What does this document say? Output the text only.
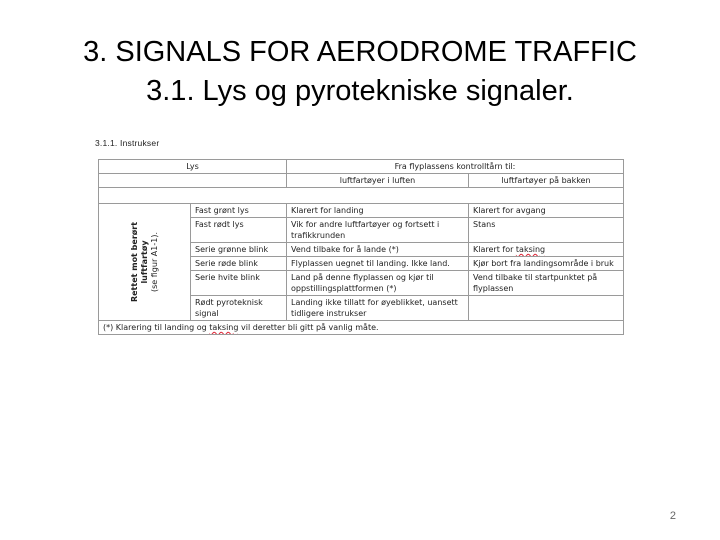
3. SIGNALS FOR AERODROME TRAFFIC
3.1. Lys og pyrotekniske signaler.
3.1.1. Instrukser
Lys		Fra flyplassens kontrolltårn til:	
		luftfartøyer i luften	luftfartøyer på bakken

Rettet mot berørt luftfartøy (se figur A1-1).	Fast grønt lys	Klarert for landing	Klarert for avgang
	Fast rødt lys	Vik for andre luftfartøyer og fortsett i trafikkrunden	Stans
	Serie grønne blink	Vend tilbake for å lande (*)	Klarert for taksing
	Serie røde blink	Flyplassen uegnet til landing. Ikke land.	Kjør bort fra landingsområde i bruk
	Serie hvite blink	Land på denne flyplassen og kjør til oppstillingsplattformen (*)	Vend tilbake til startpunktet på flyplassen
	Rødt pyroteknisk signal	Landing ikke tillatt for øyeblikket, uansett tidligere instrukser	
(*) Klarering til landing og taksing vil deretter bli gitt på vanlig måte.			
2
